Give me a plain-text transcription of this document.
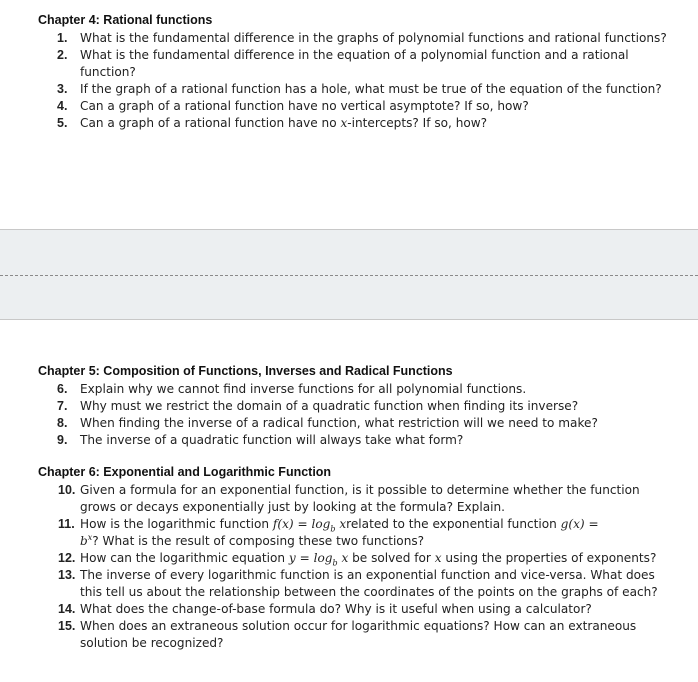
Chapter 4: Rational functions
1. What is the fundamental difference in the graphs of polynomial functions and rational functions?
2. What is the fundamental difference in the equation of a polynomial function and a rational function?
3. If the graph of a rational function has a hole, what must be true of the equation of the function?
4. Can a graph of a rational function have no vertical asymptote? If so, how?
5. Can a graph of a rational function have no x-intercepts? If so, how?
Chapter 5: Composition of Functions, Inverses and Radical Functions
6. Explain why we cannot find inverse functions for all polynomial functions.
7. Why must we restrict the domain of a quadratic function when finding its inverse?
8. When finding the inverse of a radical function, what restriction will we need to make?
9. The inverse of a quadratic function will always take what form?
Chapter 6: Exponential and Logarithmic Function
10. Given a formula for an exponential function, is it possible to determine whether the function grows or decays exponentially just by looking at the formula? Explain.
11. How is the logarithmic function $f(x) = \log_b$ xrelated to the exponential function g(x) =
$b^x$? What is the result of composing these two functions?
12. How can the logarithmic equation $y = \log_b x$ be solved for x using the properties of exponents?
13. The inverse of every logarithmic function is an exponential function and vice-versa. What does this tell us about the relationship between the coordinates of the points on the graphs of each?
14. What does the change-of-base formula do? Why is it useful when using a calculator?
15. When does an extraneous solution occur for logarithmic equations? How can an extraneous solution be recognized?
